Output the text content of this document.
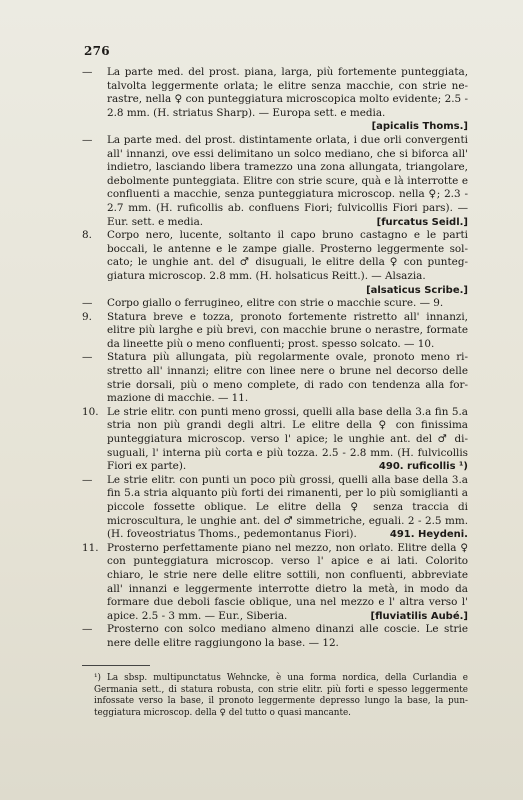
276
— La parte med. del prost. piana, larga, più fortemente punteggiata, talvolta leggermente orlata; le elitre senza macchie, con strie nerastre, nella ♀ con punteggiatura microscopica molto evidente; 2.5 - 2.8 mm. (H. striatus Sharp). — Europa sett. e media.
[apicalis Thoms.]
— La parte med. del prost. distintamente orlata, i due orli convergenti all' innanzi, ove essi delimitano un solco mediano, che si biforca all' indietro, lasciando libera tramezzo una zona allungata, triangolare, debolmente punteggiata. Elitre con strie scure, quà e là interrotte e confluenti a macchie, senza punteggiatura microscop. nella ♀; 2.3 - 2.7 mm. (H. ruficollis ab. confluens Fiori; fulvicollis Fiori pars). — Eur. sett. e media.	[furcatus Seidl.]
8. Corpo nero, lucente, soltanto il capo bruno castagno e le parti boccali, le antenne e le zampe gialle. Prosterno leggermente solcato; le unghie ant. del ♂ disuguali, le elitre della ♀ con punteggiatura microscop. 2.8 mm. (H. holsaticus Reitt.). — Alsazia.
[alsaticus Scribe.]
— Corpo giallo o ferrugineo, elitre con strie o macchie scure. — 9.
9. Statura breve e tozza, pronoto fortemente ristretto all' innanzi, elitre più larghe e più brevi, con macchie brune o nerastre, formate da lineette più o meno confluenti; prost. spesso solcato. — 10.
— Statura più allungata, più regolarmente ovale, pronoto meno ristretto all' innanzi; elitre con linee nere o brune nel decorso delle strie dorsali, più o meno complete, di rado con tendenza alla formazione di macchie. — 11.
10. Le strie elitr. con punti meno grossi, quelli alla base della 3.a fin 5.a stria non più grandi degli altri. Le elitre della ♀ con finissima punteggiatura microscop. verso l' apice; le unghie ant. del ♂ disuguali, l' interna più corta e più tozza. 2.5 - 2.8 mm. (H. fulvicollis Fiori ex parte).	490. ruficollis ¹)
— Le strie elitr. con punti un poco più grossi, quelli alla base della 3.a fin 5.a stria alquanto più forti dei rimanenti, per lo più somiglianti a piccole fossette oblique. Le elitre della ♀ senza traccia di microscultura, le unghie ant. del ♂ simmetriche, eguali. 2 - 2.5 mm. (H. foveostriatus Thoms., pedemontanus Fiori).	491. Heydeni.
11. Prosterno perfettamente piano nel mezzo, non orlato. Elitre della ♀ con punteggiatura microscop. verso l' apice e ai lati. Colorito chiaro, le strie nere delle elitre sottili, non confluenti, abbreviate all' innanzi e leggermente interrotte dietro la metà, in modo da formare due deboli fascie oblique, una nel mezzo e l' altra verso l' apice. 2.5 - 3 mm. — Eur., Siberia.	[fluviatilis Aubé.]
— Prosterno con solco mediano almeno dinanzi alle coscie. Le strie nere delle elitre raggiungono la base. — 12.
¹) La sbsp. multipunctatus Wehncke, è una forma nordica, della Curlandia e Germania sett., di statura robusta, con strie elitr. più forti e spesso leggermente infossate verso la base, il pronoto leggermente depresso lungo la base, la punteggiatura microscop. della ♀ del tutto o quasi mancante.
